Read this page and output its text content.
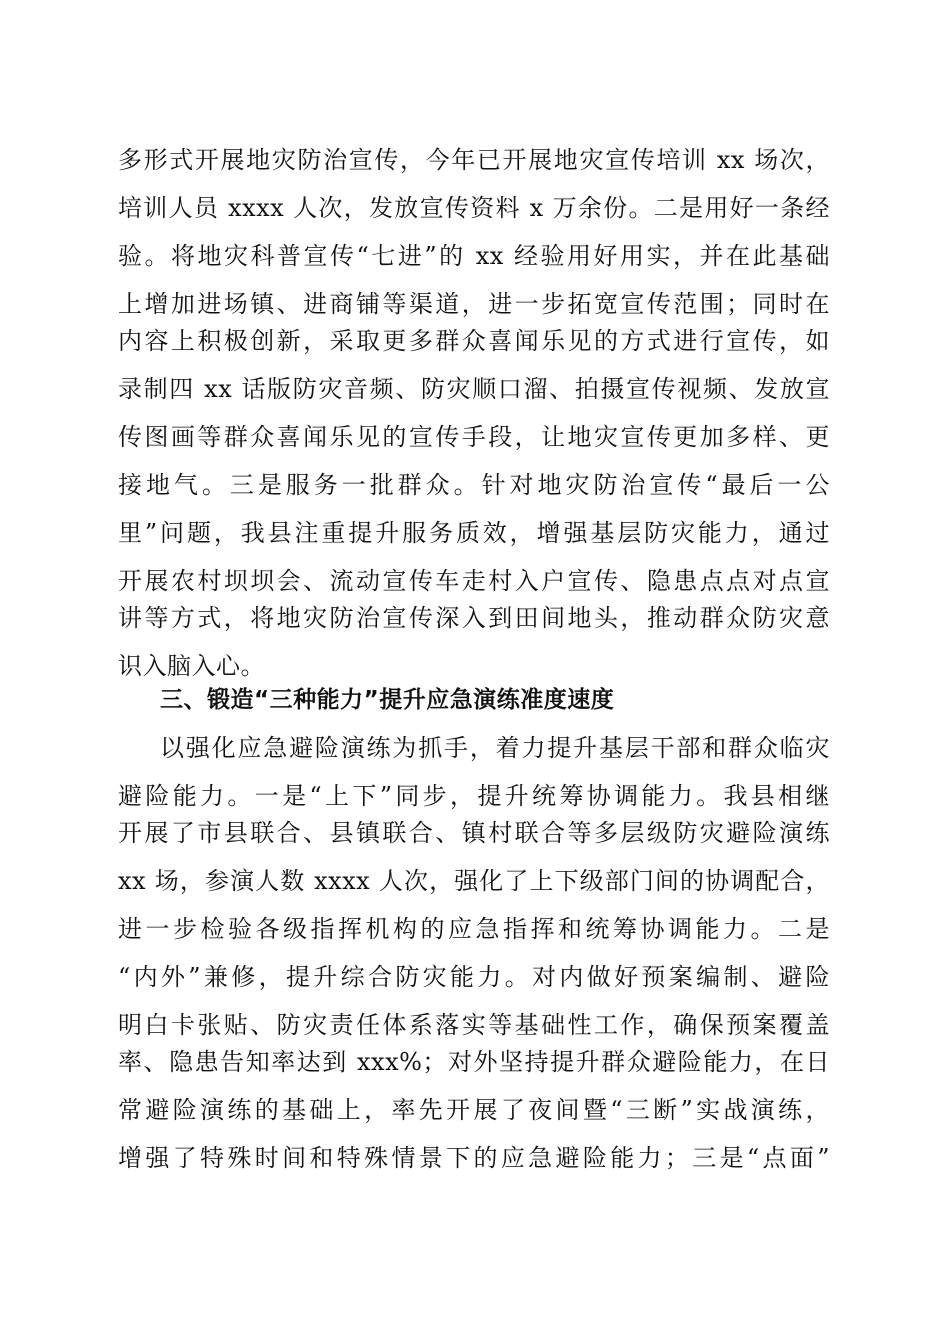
多形式开展地灾防治宣传，今年已开展地灾宣传培训 xx 场次，
培训人员 xxxx 人次，发放宣传资料 x 万余份。二是用好一条经
验。将地灾科普宣传“七进”的 xx 经验用好用实，并在此基础
上增加进场镇、进商铺等渠道，进一步拓宽宣传范围；同时在
内容上积极创新，采取更多群众喜闻乐见的方式进行宣传，如
录制四 xx 话版防灾音频、防灾顺口溜、拍摄宣传视频、发放宣
传图画等群众喜闻乐见的宣传手段，让地灾宣传更加多样、更
接地气。三是服务一批群众。针对地灾防治宣传“最后一公
里”问题，我县注重提升服务质效，增强基层防灾能力，通过
开展农村坝坝会、流动宣传车走村入户宣传、隐患点点对点宣
讲等方式，将地灾防治宣传深入到田间地头，推动群众防灾意
识入脑入心。
三、锻造“三种能力”提升应急演练准度速度
以强化应急避险演练为抓手，着力提升基层干部和群众临灾
避险能力。一是“上下”同步，提升统筹协调能力。我县相继
开展了市县联合、县镇联合、镇村联合等多层级防灾避险演练
xx 场，参演人数 xxxx 人次，强化了上下级部门间的协调配合，
进一步检验各级指挥机构的应急指挥和统筹协调能力。二是
“内外”兼修，提升综合防灾能力。对内做好预案编制、避险
明白卡张贴、防灾责任体系落实等基础性工作，确保预案覆盖
率、隐患告知率达到 xxx%；对外坚持提升群众避险能力，在日
常避险演练的基础上，率先开展了夜间暨“三断”实战演练，
增强了特殊时间和特殊情景下的应急避险能力；三是“点面”
